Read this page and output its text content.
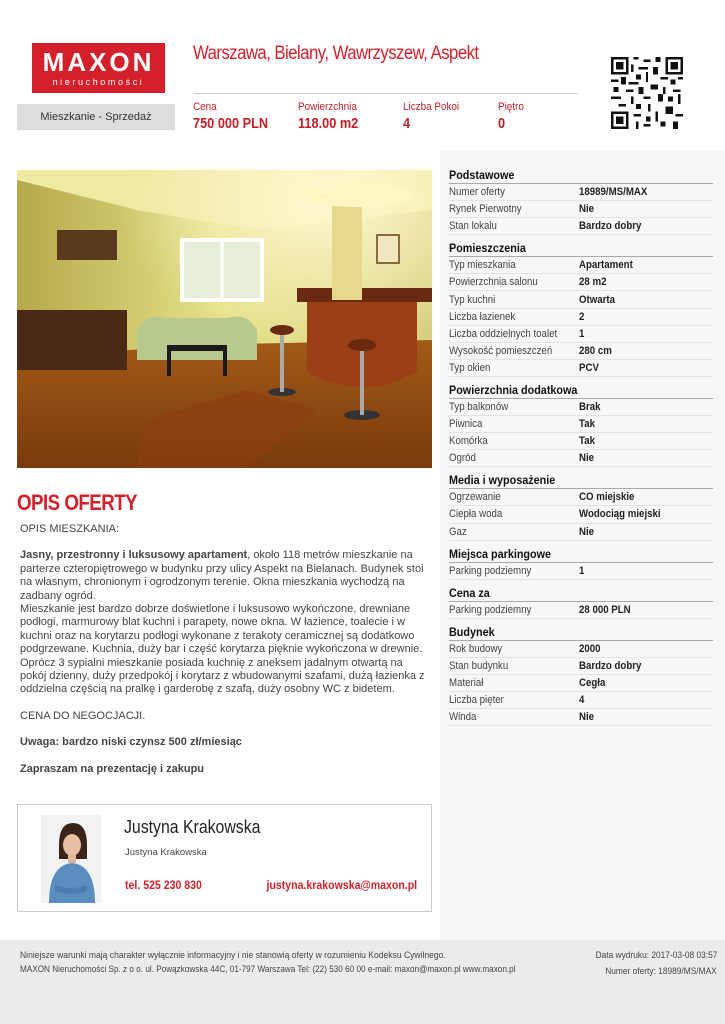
MAXON
nieruchomości
Warszawa, Bielany, Wawrzyszew, Aspekt
Mieszkanie - Sprzedaż
Cena
750 000 PLN
Powierzchnia
118.00 m2
Liczba Pokoi
4
Piętro
0
OPIS OFERTY

OPIS MIESZKANIA:

Jasny, przestronny i luksusowy apartament, około 118 metrów mieszkanie na parterze czteropiętrowego w budynku przy ulicy Aspekt na Bielanach. Budynek stoi na własnym, chronionym i ogrodzonym terenie. Okna mieszkania wychodzą na zadbany ogród.

Mieszkanie jest bardzo dobrze doświetlone i luksusowo wykończone, drewniane podłogi, marmurowy blat kuchni i parapety, nowe okna. W łazience, toalecie i w kuchni oraz na korytarzu podłogi wykonane z terakoty ceramicznej są dodatkowo podgrzewane. Kuchnia, duży bar i część korytarza pięknie wykończona w drewnie. Oprócz 3 sypialni mieszkanie posiada kuchnię z aneksem jadalnym otwartą na pokój dzienny, duży przedpokój i korytarz z wbudowanymi szafami, dużą łazienka z oddzielna częścią na pralkę i garderobę z szafą, duży osobny WC z bidetem.

CENA DO NEGOCJACJI.

Uwaga: bardzo niski czynsz 500 zł/miesiąc

Zapraszam na prezentację i zakupu

Justyna Krakowska
Justyna Krakowska
tel. 525 230 830	justyna.krakowska@maxon.pl
Podstawowe
Numer oferty	18989/MS/MAX
Rynek Pierwotny	Nie
Stan lokalu	Bardzo dobry
Pomieszczenia
Typ mieszkania	Apartament
Powierzchnia salonu	28 m2
Typ kuchni	Otwarta
Liczba łazienek	2
Liczba oddzielnych toalet	1
Wysokość pomieszczeń	280 cm
Typ okien	PCV
Powierzchnia dodatkowa
Typ balkonów	Brak
Piwnica	Tak
Komórka	Tak
Ogród	Nie
Media i wyposażenie
Ogrzewanie	CO miejskie
Ciepła woda	Wodociąg miejski
Gaz	Nie
Miejsca parkingowe
Parking podziemny	1
Cena za
Parking podziemny	28 000 PLN
Budynek
Rok budowy	2000
Stan budynku	Bardzo dobry
Materiał	Cegła
Liczba pięter	4
Winda	Nie
Niniejsze warunki mają charakter wyłącznie informacyjny i nie stanowią oferty w rozumieniu Kodeksu Cywilnego.
MAXON Nieruchomości Sp. z o o. ul. Powązkowska 44C, 01-797 Warszawa Tel: (22) 530 60 00 e-mail: maxon@maxon.pl www.maxon.pl
Data wydruku: 2017-03-08 03:57
Numer oferty: 18989/MS/MAX
